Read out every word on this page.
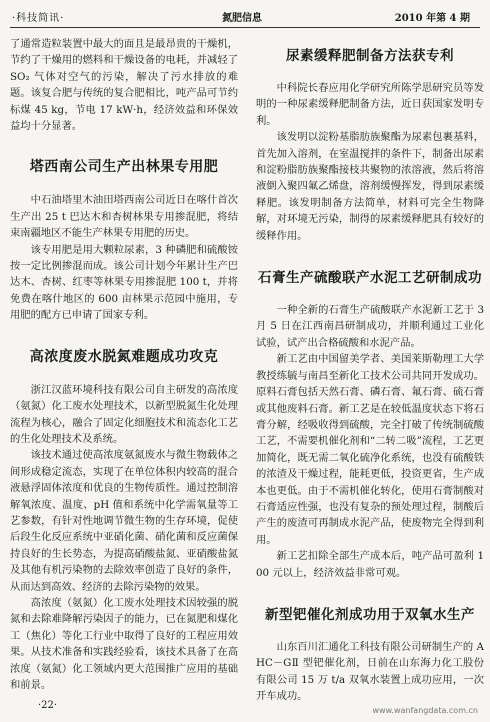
·科技简讯·	氮肥信息	2010 年第 4 期

了通常造粒装置中最大的面且是最昂贵的干燥机，节约了干燥用的燃料和干燥设备的电耗，并减轻了 SO₂ 气体对空气的污染，解决了污水排放的难题。该复合肥与传统的复合肥相比，吨产品可节约标煤 45 kg，节电 17 kW·h，经济效益和环保效益均十分显著。

塔西南公司生产出林果专用肥

中石油塔里木油田塔西南公司近日在喀什首次生产出 25 t 巴达木和杏树林果专用掺混肥，将结束南疆地区不能生产林果专用肥的历史。

该专用肥是用大颗粒尿素，3 种磷肥和硫酸铵按一定比例掺混而成。该公司计划今年累计生产巴达木、杏树、红枣等林果专用掺混肥 100 t，并将免费在喀什地区的 600 亩林果示范园中施用，专用肥的配方已申请了国家专利。

高浓度废水脱氮难题成功攻克

浙江汉蓝环境科技有限公司自主研发的高浓度（氨氮）化工废水处理技术，以新型脱氮生化处理流程为核心，融合了固定化细胞技术和流态化工艺的生化处理技术及系统。

该技术通过使高浓度氨氮废水与微生物载体之间形成稳定流态，实现了在单位体积内较高的混合液悬浮固体浓度和优良的生物传质性。通过控制溶解氧浓度、温度、pH 值和系统中化学需氧量等工艺参数，有针对性地调节微生物的生存环境，促使后段生化反应系统中亚硝化菌、硝化菌和反应菌保持良好的生长势态，为提高硝酸盐氮、亚硝酸盐氮及其他有机污染物的去除效率创造了良好的条件，从而达到高效、经济的去除污染物的效果。

高浓度（氨氮）化工废水处理技术因较强的脱氮和去除难降解污染因子的能力，已在氮肥和煤化工（焦化）等化工行业中取得了良好的工程应用效果。从技术准备和实践经验看，该技术具备了在高浓度（氨氮）化工领域内更大范围推广应用的基础和前景。

尿素缓释肥制备方法获专利

中科院长春应用化学研究所陈学思研究员等发明的一种尿素缓释肥制备方法，近日获国家发明专利。

该发明以淀粉基脂肪族聚酯为尿素包裹基料，首先加入溶剂，在室温搅拌的条件下，制备出尿素和淀粉脂肪族聚酯接枝共聚物的浓溶液，然后将溶液倒入聚四氟乙烯盘，溶剂缓慢挥发，得到尿素缓释肥。该发明制备方法简单，材料可完全生物降解，对环境无污染，制得的尿素缓释肥具有较好的缓释作用。

石膏生产硫酸联产水泥工艺研制成功

一种全新的石膏生产硫酸联产水泥新工艺于 3 月 5 日在江西南昌研制成功，并顺利通过工业化试验，试产出合格硫酸和水泥产品。

新工艺由中国留美学者、美国莱斯勒理工大学教授练毓与南昌至新化工技术公司共同开发成功。原料石膏包括天然石膏、磷石膏、氟石膏、硫石膏或其他废料石膏。新工艺是在较低温度状态下将石膏分解，经吸收得到硫酸，完全打破了传统制硫酸工艺，不需要机催化剂和“二转二吸”流程，工艺更加简化，既无需二氧化硫净化系统，也没有硫酸铁的浓渣及干燥过程，能耗更低，投资更省，生产成本也更低。由于不需机催化转化，使用石膏制酸对石膏适应性强，也没有复杂的预处理过程，制酸后产生的废渣可再制成水泥产品，使废物完全得到利用。

新工艺扣除全部生产成本后，吨产品可盈利 100 元以上，经济效益非常可观。

新型钯催化剂成功用于双氧水生产

山东百川汇通化工科技有限公司研制生产的 AHC－GⅡ 型钯催化剂，日前在山东海力化工股份有限公司 15 万 t/a 双氧水装置上成功应用，一次开车成功。

·22·	www.wanfangdata.com.cn
